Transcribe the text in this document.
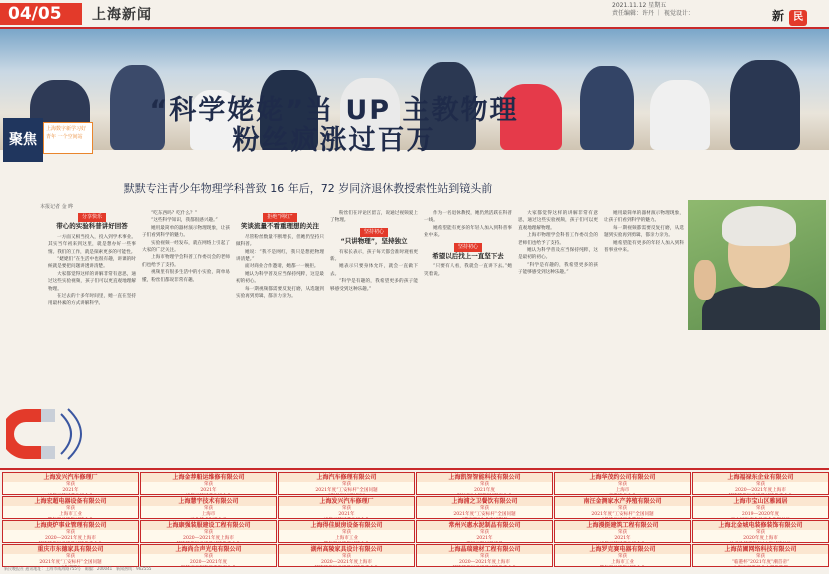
04/05	上海新闻
2021.11.12 星期五
责任编辑：许丹 ｜ 视觉设计：	新 民
聚焦
上海数字新学习好青年 一个空间站
“科学姥姥”当 UP 主教物理
粉丝疯涨过百万
默默专注青少年物理学科普致 16 年后，72 岁同济退休教授索性站到镜头前
本报记者 金 晔
分享快乐
带心的实验科普讲好回答

一方面又相当投入，投入到学术事业。其实当年初来到这里，就是想办好一些事情。我们的工作，就是探索更多的可能性。

“姥姥们”在生活中也很有趣，讲课的时候就是要把问题讲透讲清楚。

大家都觉得这样的讲解非常有意思，通过这些实验视频，孩子们可以更直观地理解物理。

在过去的十多年时间里，她一直在坚持用最朴素的方式讲解科学。

“吃东西吗？吃什么？”

“这些科学知识，我都很感兴趣。”

她用最简单的器材演示物理现象，让孩子们看到科学的魅力。

实验视频一经发布，就在网络上引起了大家的广泛关注。

上海市物理学会科普工作委员会的老师们也给予了支持。

视频里有很多生活中的小实验，简单易懂，粉丝们都说非常有趣。

拒绝“网红”
笑谈流量不看重理想的关注

尽管粉丝数量不断增长，但她仍坚持只做科普。

她说：“我不是网红，我只是想把物理讲清楚。”

面对商业合作邀请，她都一一婉拒。

她认为科学普及应当保持纯粹，这是最初的初心。

每一期视频都需要反复打磨，从选题到实验再到剪辑，都亲力亲为。

粉丝们在评论区留言，说通过视频爱上了物理。

坚持初心
“只讲物理”，坚持独立

有家长表示，孩子每天都会准时观看更新。

她表示只要身体允许，就会一直做下去。

“科学是有趣的，我希望更多的孩子能够感受到这种乐趣。”

作为一名退休教授，她仍然活跃在科普一线。

她希望能有更多的年轻人加入到科普事业中来。

坚持初心
希望以后找上一直坚下去

“只要有人看，我就会一直讲下去。”她笑着说。

大家都觉得这样的讲解非常有意思，通过这些实验视频，孩子们可以更直观地理解物理。

上海市物理学会科普工作委员会的老师们也给予了支持。

她认为科学普及应当保持纯粹，这是最初的初心。

“科学是有趣的，我希望更多的孩子能够感受到这种乐趣。”

她用最简单的器材演示物理现象，让孩子们看到科学的魅力。

每一期视频都需要反复打磨，从选题到实验再到剪辑，都亲力亲为。

她希望能有更多的年轻人加入到科普事业中来。

上海发兴汽车修理厂
荣获
2021年
上海金荐船运维修有限公司
荣获
2021年
上海汽车修理有限公司
荣获
2021年度“工安标杆”全国问题
上海凯智智能科技有限公司
荣获
2021年度
上海华茂约公司有限公司
荣获
上海市
上海福禄东企业有限公司
荣获
2020—2021年度上海市
上海宏超电器设备有限公司
荣获
上海市工业
上海慧宇技术有限公司
荣获
上海市
上海发兴汽车修理厂
荣获
2021年
上海浦之卫餐饮有限公司
荣获
2021年度“工安标杆”全国问题
南汪金测家水产养殖有限公司
荣获
2021年度“工安标杆”全国问题
上海市宝山区雅园居
荣获
2019—2020年度
上海庚炉事业管理有限公司
荣获
2020—2021年度上海市
上海康强装服建设工程有限公司
荣获
2020—2021年度上海市
上海得佳厨房设备有限公司
荣获
上海市工业
常州兴惠水泥制品有限公司
荣获
2021年
上海漫挺建筑工程有限公司
荣获
2021年
上海北金城电装修装饰有限公司
荣获
2020年度上海市
重庆市东德家具有限公司
荣获
2021年度“工安标杆”全国问题
上海尚合声光电有限公司
荣获
2020—2021年度
湖州高陵家具设计有限公司
荣获
2020—2021年度上海市
上海晶瑞建材工程有限公司
荣获
2020—2021年度上海市
上海罗克赛电器有限公司
荣获
上海市工业
上海苗圃网络科技有限公司
荣获
“临港杯”2021年度“潮首帝”
新民晚报社 通讯地址：上海市威海路755号　邮编：200041　新闻热线：962555
